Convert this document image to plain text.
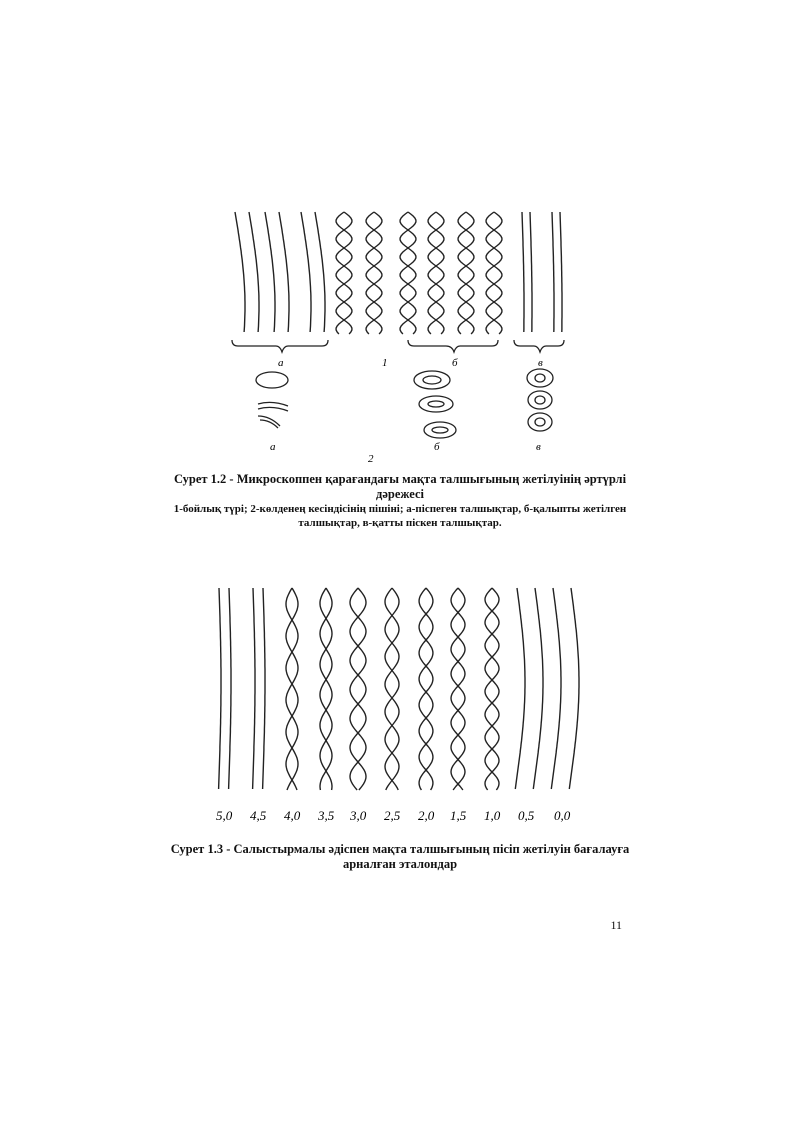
а	б	в
1
а	б	в
2
Сурет 1.2 - Микроскоппен қарағандағы мақта талшығының жетілуінің әртүрлі дәрежесі
1-бойлық түрі; 2-көлденең кесіндісінің пішіні; а-піспеген талшықтар, б-қалыпты жетілген талшықтар, в-қатты піскен талшықтар.
5,0 4,5 4,0 3,5 3,0 2,5 2,0 1,5 1,0 0,5 0,0
Сурет 1.3 - Салыстырмалы әдіспен мақта талшығының пісіп жетілуін бағалауға арналған эталондар
11
